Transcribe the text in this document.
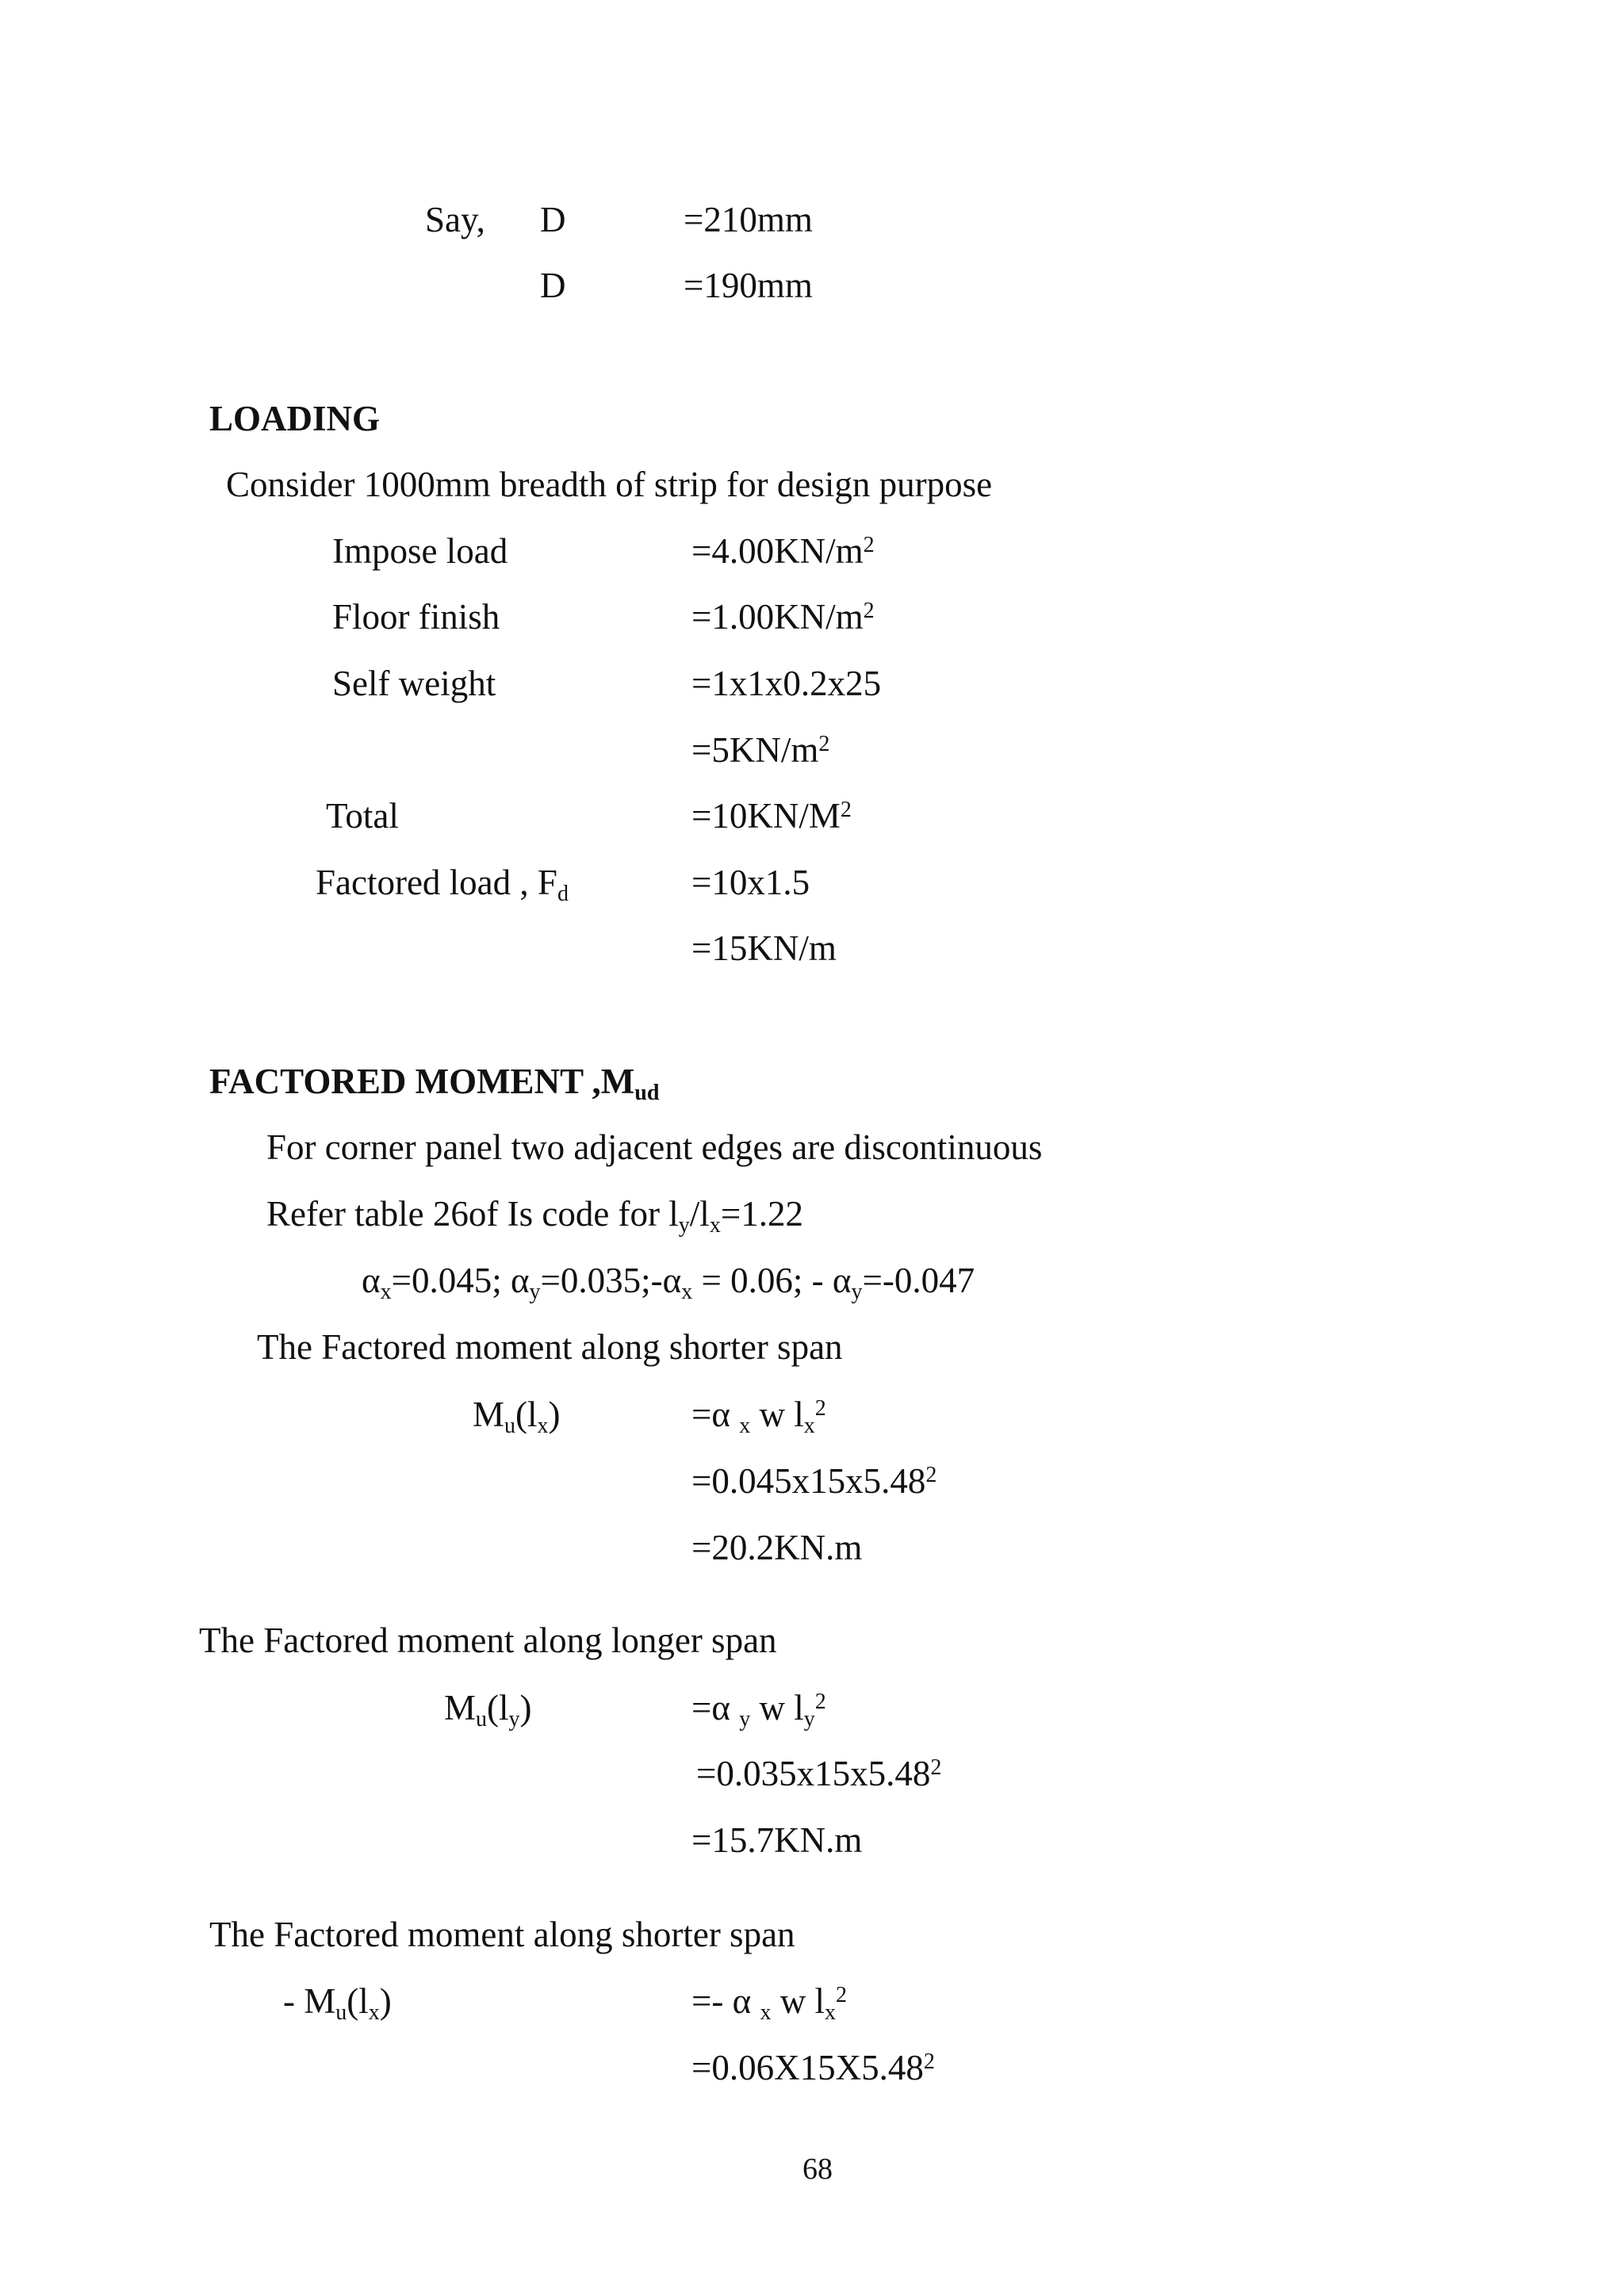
Say, D	=210mm
D	=190mm
LOADING
Consider 1000mm breadth of strip for design purpose
Impose load	$=4.00KN/m^2$
Floor finish	$=1.00KN/m^2$
Self weight	=1x1x0.2x25
$=5KN/m^2$
Total	$=10KN/M^2$
Factored load , $F_d$	=10x1.5
=15KN/m
FACTORED MOMENT $,M_{ud}$
For corner panel two adjacent edges are discontinuous
Refer table 26of Is code for $l_y/l_x=1.22$
$\alpha_x=0.045$; $\alpha_y=0.035;-\alpha_x = 0.06$; - $\alpha_y=-0.047$
The Factored moment along shorter span
$M_u(l_x)$	=α $_x$ w $l_x^2$
$=0.045x15x5.48^2$
=20.2KN.m
The Factored moment along longer span
$M_u(l_y)$	=α $_y$ w $l_y^2$
$=0.035x15x5.48^2$
=15.7KN.m
The Factored moment along shorter span
- $M_u(l_x)$	=- α $_x$ w $l_x^2$
$=0.06X15X5.48^2$
68
